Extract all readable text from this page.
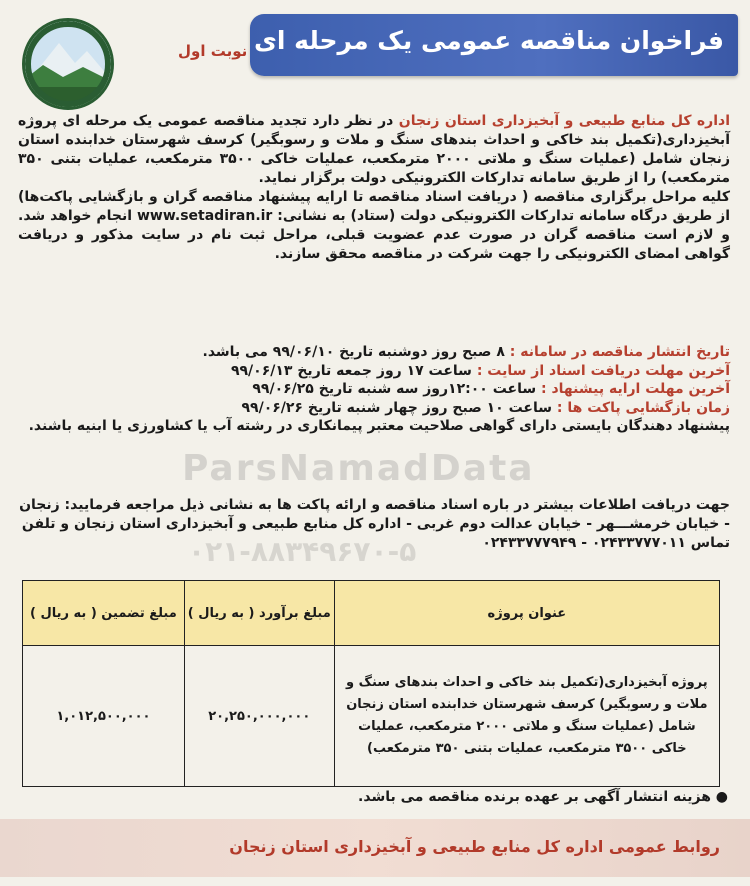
فراخوان مناقصه عمومی یک مرحله ای
نوبت اول
اداره کل منابع طبیعی و آبخیزداری استان زنجان در نظر دارد تجدید مناقصه عمومی یک مرحله ای پروژه آبخیزداری(تکمیل بند خاکی و احداث بندهای سنگ و ملات و رسوبگیر) کرسف شهرستان خدابنده استان زنجان شامل (عملیات سنگ و ملاتی ۲۰۰۰ مترمکعب، عملیات خاکی ۳۵۰۰ مترمکعب، عملیات بتنی ۳۵۰ مترمکعب) را از طریق سامانه تدارکات الکترونیکی دولت برگزار نماید.
کلیه مراحل برگزاری مناقصه ( دریافت اسناد مناقصه تا ارایه پیشنهاد مناقصه گران و بازگشایی پاکت‌ها) از طریق درگاه سامانه تدارکات الکترونیکی دولت (ستاد) به نشانی: www.setadiran.ir انجام خواهد شد. و لازم است مناقصه گران در صورت عدم عضویت قبلی، مراحل ثبت نام در سایت مذکور و دریافت گواهی امضای الکترونیکی را جهت شرکت در مناقصه محقق سازند.
تاریخ انتشار مناقصه در سامانه : ۸ صبح روز دوشنبه تاریخ ۹۹/۰۶/۱۰ می باشد.
آخرین مهلت دریافت اسناد از سایت : ساعت ۱۷ روز جمعه تاریخ ۹۹/۰۶/۱۳
آخرین مهلت ارایه پیشنهاد : ساعت ۱۲:۰۰روز سه شنبه تاریخ ۹۹/۰۶/۲۵
زمان بازگشایی پاکت ها : ساعت ۱۰ صبح روز چهار شنبه تاریخ ۹۹/۰۶/۲۶
پیشنهاد دهندگان بایستی دارای گواهی صلاحیت معتبر پیمانکاری در رشته آب یا کشاورزی یا ابنیه باشند.
ParsNamadData
جهت دریافت اطلاعات بیشتر در باره اسناد مناقصه و ارائه پاکت ها به نشانی ذیل مراجعه فرمایید: زنجان - خیابان خرمشـــهر - خیابان عدالت دوم غربی - اداره کل منابع طبیعی و آبخیزداری استان زنجان و تلفن تماس ۰۲۴۳۳۷۷۷۰۱۱ - ۰۲۴۳۳۷۷۷۹۴۹
۰۲۱-۸۸۳۴۹۶۷۰-۵
عنوان پروژه	مبلغ برآورد ( به ریال )	مبلغ تضمین ( به ریال )
پروژه آبخیزداری(تکمیل بند خاکی و احداث بندهای سنگ و ملات و رسوبگیر) کرسف شهرستان خدابنده استان زنجان شامل (عملیات سنگ و ملاتی ۲۰۰۰ مترمکعب، عملیات خاکی ۳۵۰۰ مترمکعب، عملیات بتنی ۳۵۰ مترمکعب)	۲۰,۲۵۰,۰۰۰,۰۰۰	۱,۰۱۲,۵۰۰,۰۰۰
● هزینه انتشار آگهی بر عهده برنده مناقصه می باشد.
روابط عمومی اداره کل منابع طبیعی و آبخیزداری استان زنجان
